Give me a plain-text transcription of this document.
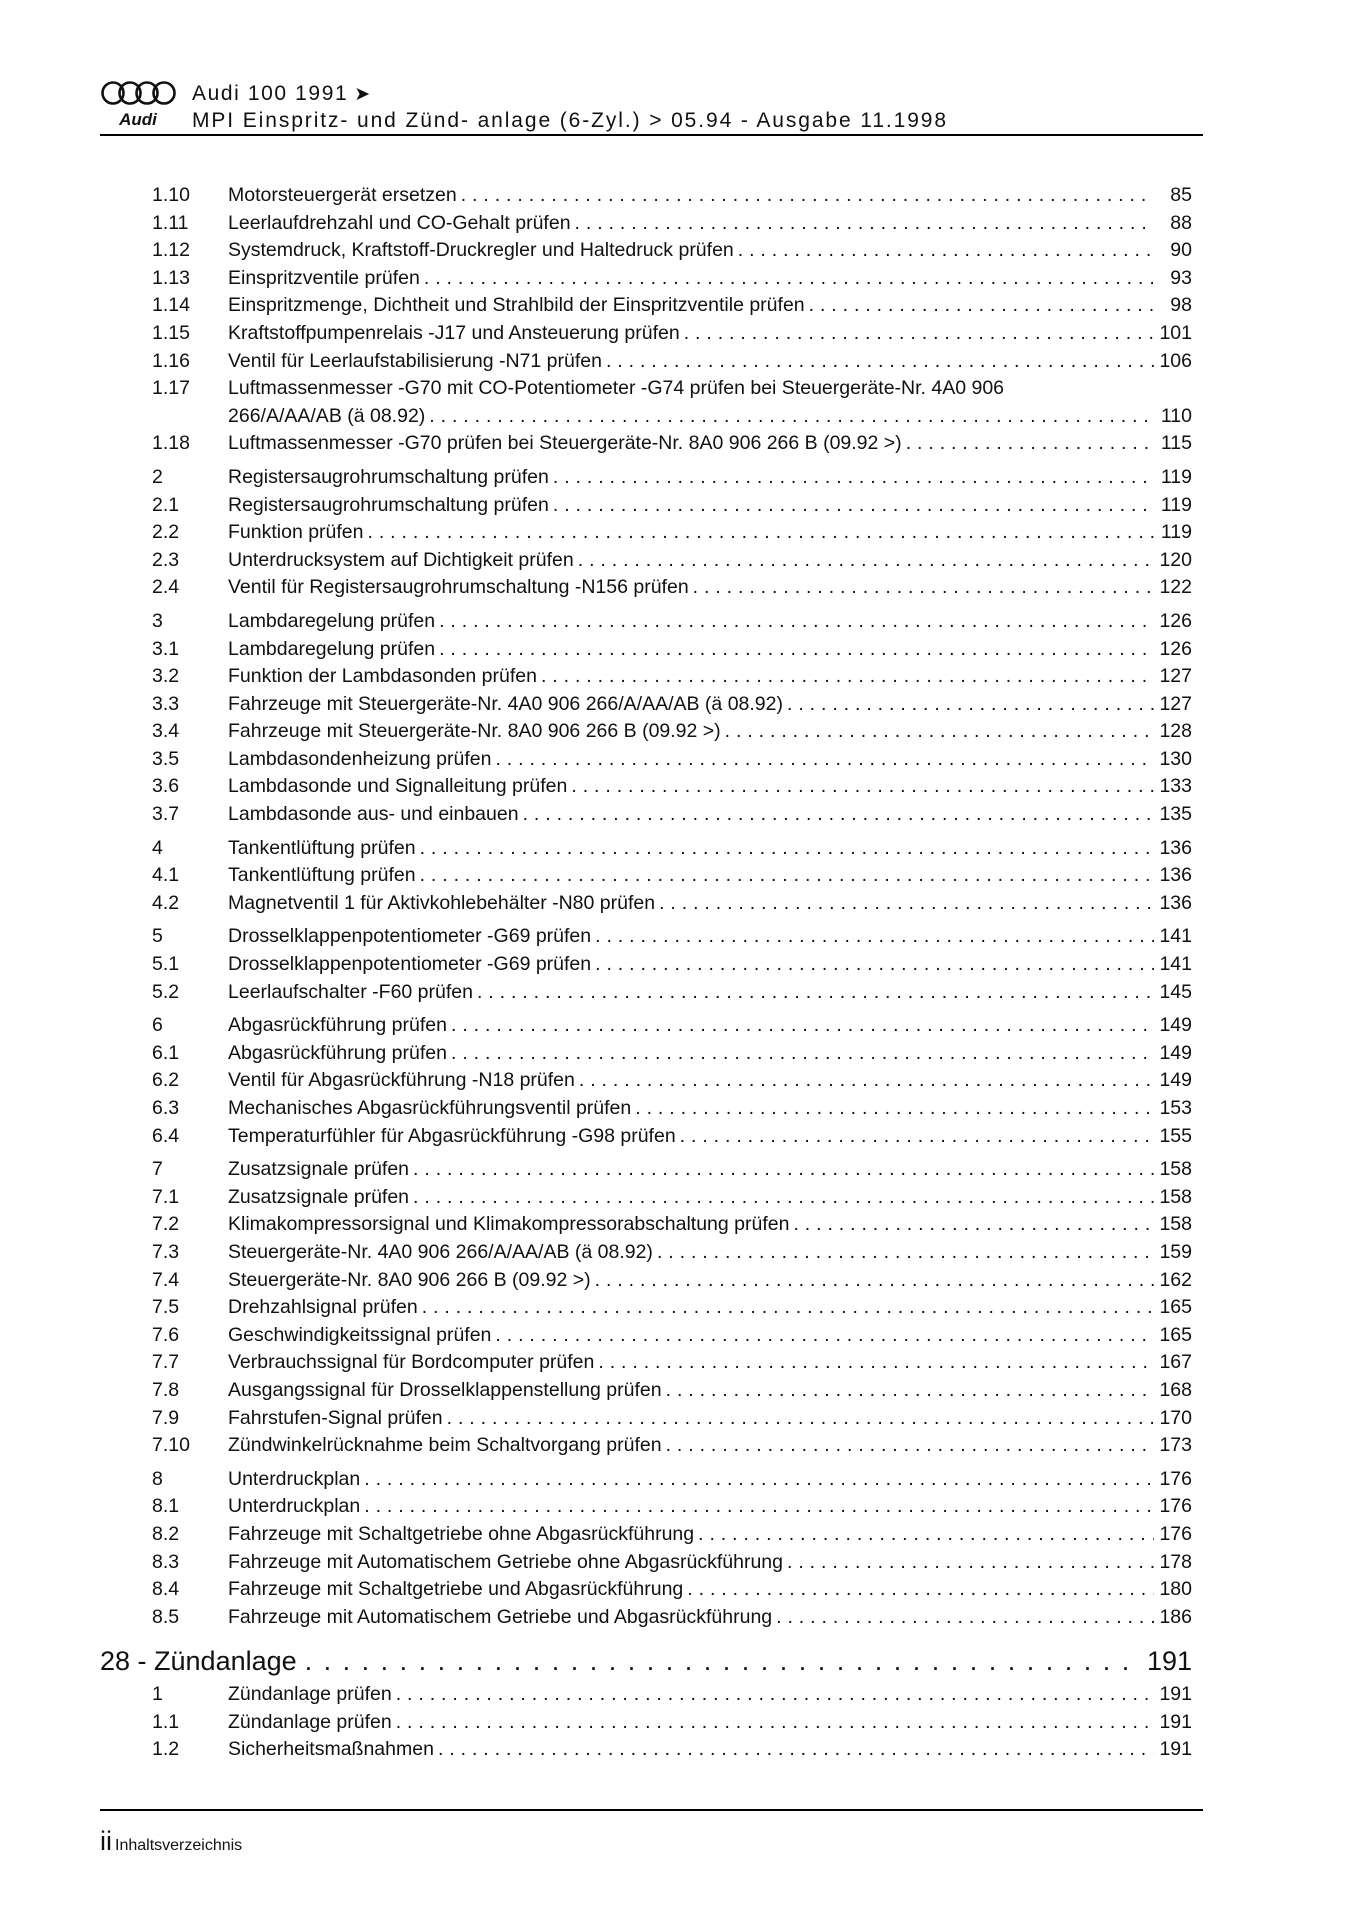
Audi
Audi 100 1991 ➤
MPI Einspritz- und Zünd- anlage (6-Zyl.) > 05.94 - Ausgabe 11.1998
1.10	Motorsteuergerät ersetzen . . .	85
1.11	Leerlaufdrehzahl und CO-Gehalt prüfen . . .	88
1.12	Systemdruck, Kraftstoff-Druckregler und Haltedruck prüfen . . .	90
1.13	Einspritzventile prüfen . . .	93
1.14	Einspritzmenge, Dichtheit und Strahlbild der Einspritzventile prüfen . . .	98
1.15	Kraftstoffpumpenrelais -J17 und Ansteuerung prüfen . . .	101
1.16	Ventil für Leerlaufstabilisierung -N71 prüfen . . .	106
1.17	Luftmassenmesser -G70 mit CO-Potentiometer -G74 prüfen bei Steuergeräte-Nr. 4A0 906
266/A/AA/AB (ä 08.92) . . .	110
1.18	Luftmassenmesser -G70 prüfen bei Steuergeräte-Nr. 8A0 906 266 B (09.92 >) . . .	115
2	Registersaugrohrumschaltung prüfen . . .	119
2.1	Registersaugrohrumschaltung prüfen . . .	119
2.2	Funktion prüfen . . .	119
2.3	Unterdrucksystem auf Dichtigkeit prüfen . . .	120
2.4	Ventil für Registersaugrohrumschaltung -N156 prüfen . . .	122
3	Lambdaregelung prüfen . . .	126
3.1	Lambdaregelung prüfen . . .	126
3.2	Funktion der Lambdasonden prüfen . . .	127
3.3	Fahrzeuge mit Steuergeräte-Nr. 4A0 906 266/A/AA/AB (ä 08.92) . . .	127
3.4	Fahrzeuge mit Steuergeräte-Nr. 8A0 906 266 B (09.92 >) . . .	128
3.5	Lambdasondenheizung prüfen . . .	130
3.6	Lambdasonde und Signalleitung prüfen . . .	133
3.7	Lambdasonde aus- und einbauen . . .	135
4	Tankentlüftung prüfen . . .	136
4.1	Tankentlüftung prüfen . . .	136
4.2	Magnetventil 1 für Aktivkohlebehälter -N80 prüfen . . .	136
5	Drosselklappenpotentiometer -G69 prüfen . . .	141
5.1	Drosselklappenpotentiometer -G69 prüfen . . .	141
5.2	Leerlaufschalter -F60 prüfen . . .	145
6	Abgasrückführung prüfen . . .	149
6.1	Abgasrückführung prüfen . . .	149
6.2	Ventil für Abgasrückführung -N18 prüfen . . .	149
6.3	Mechanisches Abgasrückführungsventil prüfen . . .	153
6.4	Temperaturfühler für Abgasrückführung -G98 prüfen . . .	155
7	Zusatzsignale prüfen . . .	158
7.1	Zusatzsignale prüfen . . .	158
7.2	Klimakompressorsignal und Klimakompressorabschaltung prüfen . . .	158
7.3	Steuergeräte-Nr. 4A0 906 266/A/AA/AB (ä 08.92) . . .	159
7.4	Steuergeräte-Nr. 8A0 906 266 B (09.92 >) . . .	162
7.5	Drehzahlsignal prüfen . . .	165
7.6	Geschwindigkeitssignal prüfen . . .	165
7.7	Verbrauchssignal für Bordcomputer prüfen . . .	167
7.8	Ausgangssignal für Drosselklappenstellung prüfen . . .	168
7.9	Fahrstufen-Signal prüfen . . .	170
7.10	Zündwinkelrücknahme beim Schaltvorgang prüfen . . .	173
8	Unterdruckplan . . .	176
8.1	Unterdruckplan . . .	176
8.2	Fahrzeuge mit Schaltgetriebe ohne Abgasrückführung . . .	176
8.3	Fahrzeuge mit Automatischem Getriebe ohne Abgasrückführung . . .	178
8.4	Fahrzeuge mit Schaltgetriebe und Abgasrückführung . . .	180
8.5	Fahrzeuge mit Automatischem Getriebe und Abgasrückführung . . .	186
28 - Zündanlage . . .	191
1	Zündanlage prüfen . . .	191
1.1	Zündanlage prüfen . . .	191
1.2	Sicherheitsmaßnahmen . . .	191
ii Inhaltsverzeichnis
